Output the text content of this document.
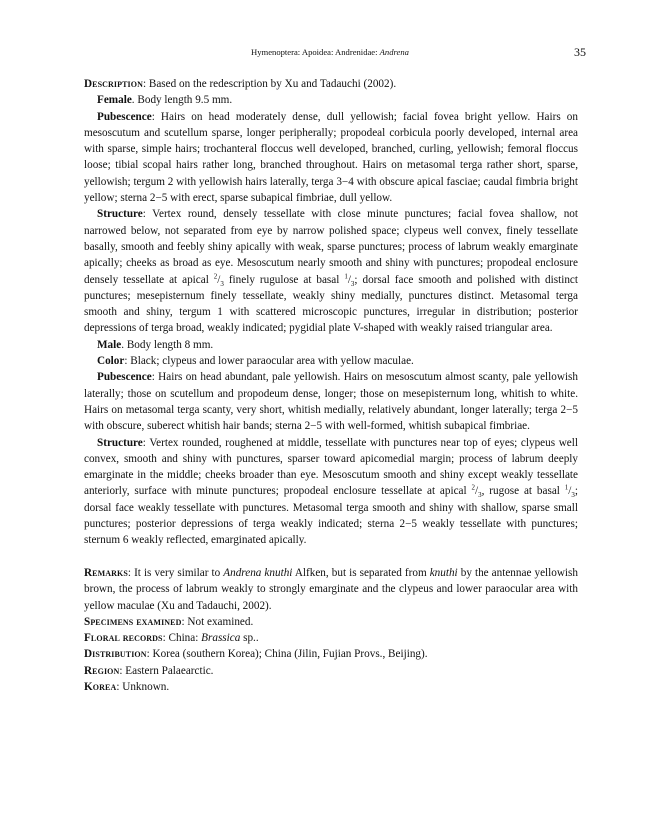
Hymenoptera: Apoidea: Andrenidae: Andrena	35

Description: Based on the redescription by Xu and Tadauchi (2002).

Female. Body length 9.5 mm.

Pubescence: Hairs on head moderately dense, dull yellowish; facial fovea bright yellow. Hairs on mesoscutum and scutellum sparse, longer peripherally; propodeal corbicula poorly developed, internal area with sparse, simple hairs; trochanteral floccus well developed, branched, curling, yellowish; femoral floccus loose; tibial scopal hairs rather long, branched throughout. Hairs on metasomal terga rather short, sparse, yellowish; tergum 2 with yellowish hairs laterally, terga 3−4 with obscure apical fasciae; caudal fimbria bright yellow; sterna 2−5 with erect, sparse subapical fimbriae, dull yellow.

Structure: Vertex round, densely tessellate with close minute punctures; facial fovea shallow, not narrowed below, not separated from eye by narrow polished space; clypeus well convex, finely tessellate basally, smooth and feebly shiny apically with weak, sparse punctures; process of labrum weakly emarginate apically; cheeks as broad as eye. Mesoscutum nearly smooth and shiny with punctures; propodeal enclosure densely tessellate at apical $^2/_3$ finely rugulose at basal $^1/_3$; dorsal face smooth and polished with distinct punctures; mesepisternum finely tessellate, weakly shiny medially, punctures distinct. Metasomal terga smooth and shiny, tergum 1 with scattered microscopic punctures, irregular in distribution; posterior depressions of terga broad, weakly indicated; pygidial plate V-shaped with weakly raised triangular area.

Male. Body length 8 mm.

Color: Black; clypeus and lower paraocular area with yellow maculae.

Pubescence: Hairs on head abundant, pale yellowish. Hairs on mesoscutum almost scanty, pale yellowish laterally; those on scutellum and propodeum dense, longer; those on mesepisternum long, whitish to white. Hairs on metasomal terga scanty, very short, whitish medially, relatively abundant, longer laterally; terga 2−5 with obscure, suberect whitish hair bands; sterna 2−5 with well-formed, whitish subapical fimbriae.

Structure: Vertex rounded, roughened at middle, tessellate with punctures near top of eyes; clypeus well convex, smooth and shiny with punctures, sparser toward apicomedial margin; process of labrum deeply emarginate in the middle; cheeks broader than eye. Mesoscutum smooth and shiny except weakly tessellate anteriorly, surface with minute punctures; propodeal enclosure tessellate at apical $^2/_3$, rugose at basal $^1/_3$; dorsal face weakly tessellate with punctures. Metasomal terga smooth and shiny with shallow, sparse small punctures; posterior depressions of terga weakly indicated; sterna 2−5 weakly tessellate with punctures; sternum 6 weakly reflected, emarginated apically.

Remarks: It is very similar to Andrena knuthi Alfken, but is separated from knuthi by the antennae yellowish brown, the process of labrum weakly to strongly emarginate and the clypeus and lower paraocular area with yellow maculae (Xu and Tadauchi, 2002).

Specimens examined: Not examined.

Floral records: China: Brassica sp..

Distribution: Korea (southern Korea); China (Jilin, Fujian Provs., Beijing).

Region: Eastern Palaearctic.

Korea: Unknown.
